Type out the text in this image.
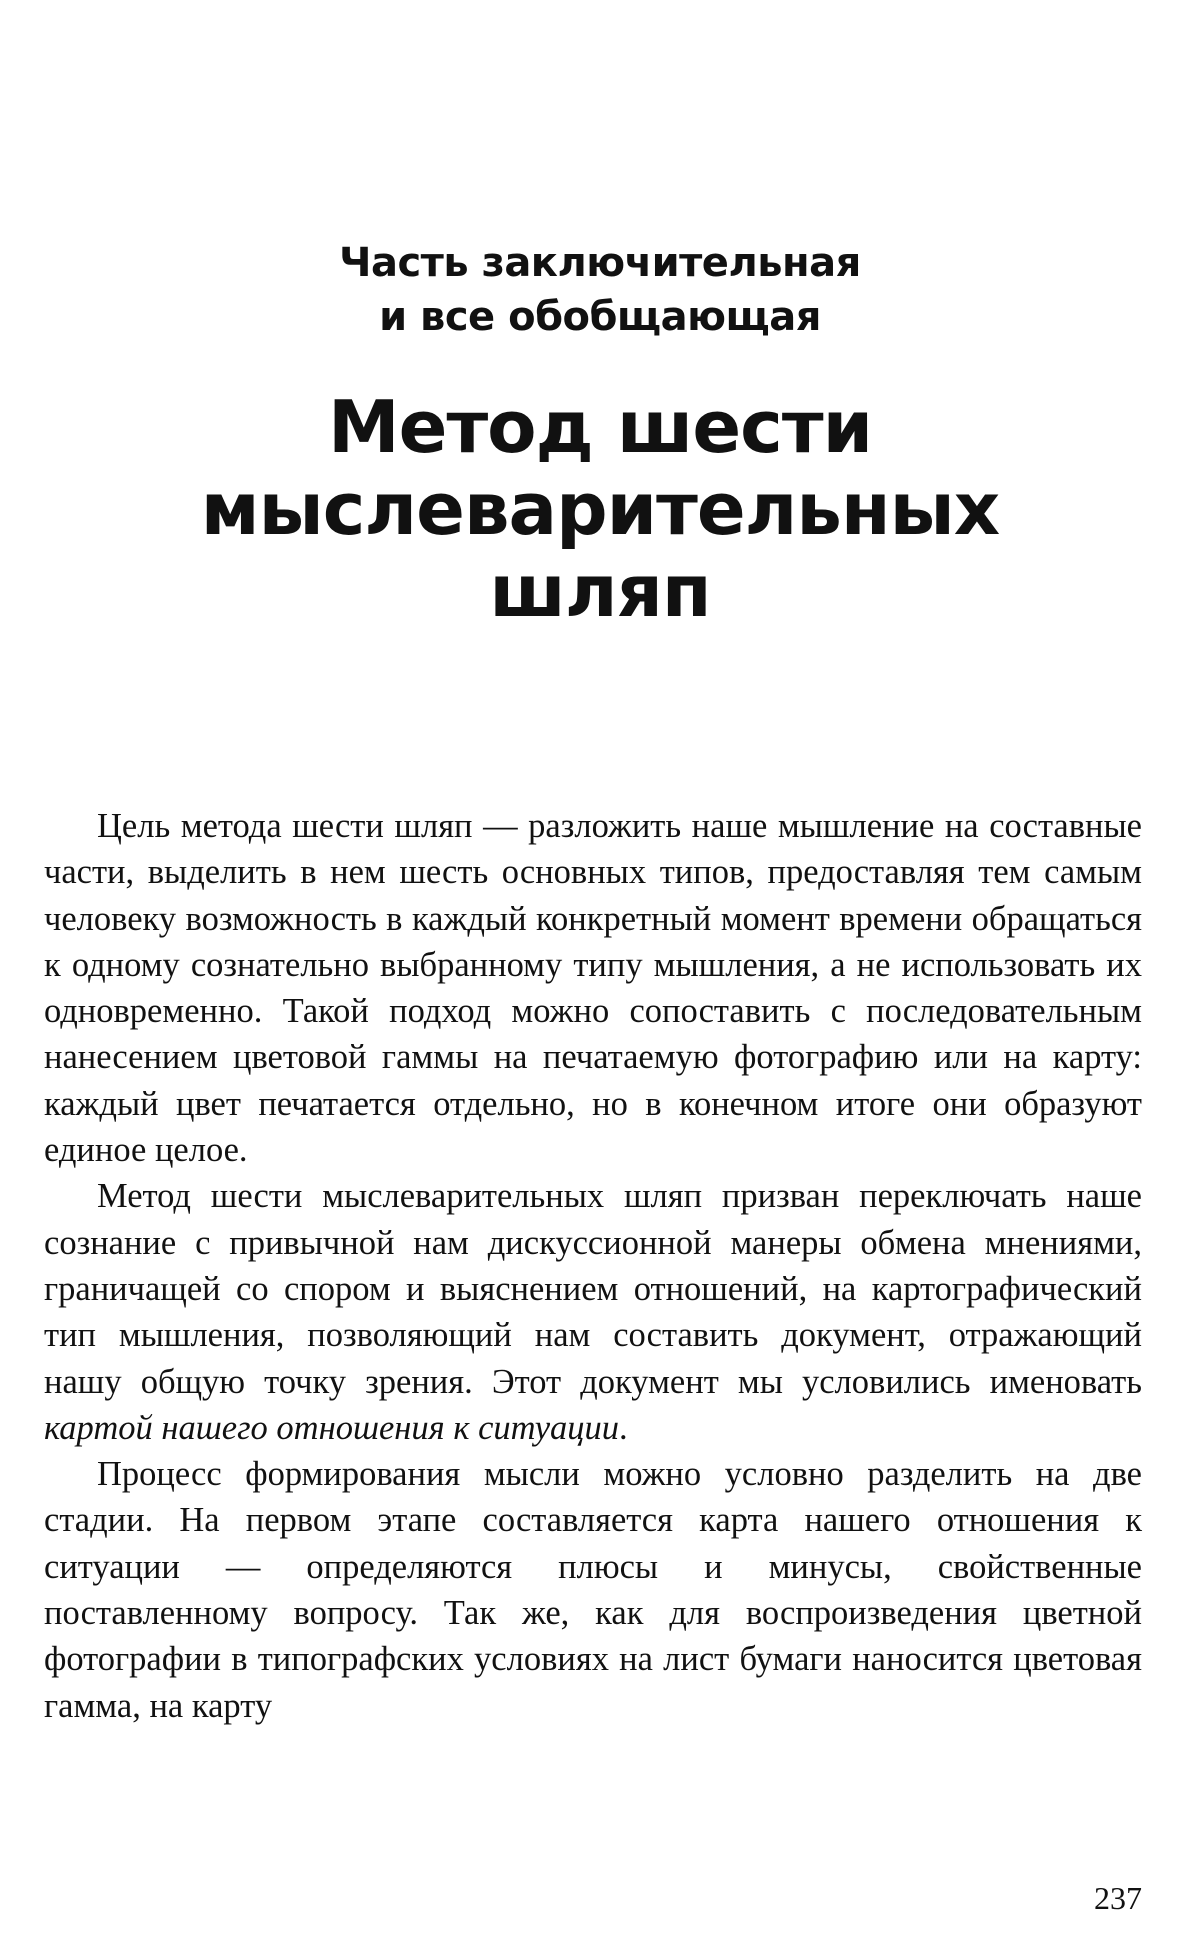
Часть заключительная
и все обобщающая
Метод шести
мыслеварительных
шляп

Цель метода шести шляп — разложить наше мышление на составные части, выделить в нем шесть основных типов, предоставляя тем самым человеку возможность в каждый конкретный момент времени обращаться к одному сознательно выбранному типу мышления, а не использовать их одновременно. Такой подход можно сопоставить с последовательным нанесением цветовой гаммы на печатаемую фотографию или на карту: каждый цвет печатается отдельно, но в конечном итоге они образуют единое целое.

Метод шести мыслеварительных шляп призван переключать наше сознание с привычной нам дискуссионной манеры обмена мнениями, граничащей со спором и выяснением отношений, на картографический тип мышления, позволяющий нам составить документ, отражающий нашу общую точку зрения. Этот документ мы условились именовать картой нашего отношения к ситуации.

Процесс формирования мысли можно условно разделить на две стадии. На первом этапе составляется карта нашего отношения к ситуации — определяются плюсы и минусы, свойственные поставленному вопросу. Так же, как для воспроизведения цветной фотографии в типографских условиях на лист бумаги наносится цветовая гамма, на карту

237
